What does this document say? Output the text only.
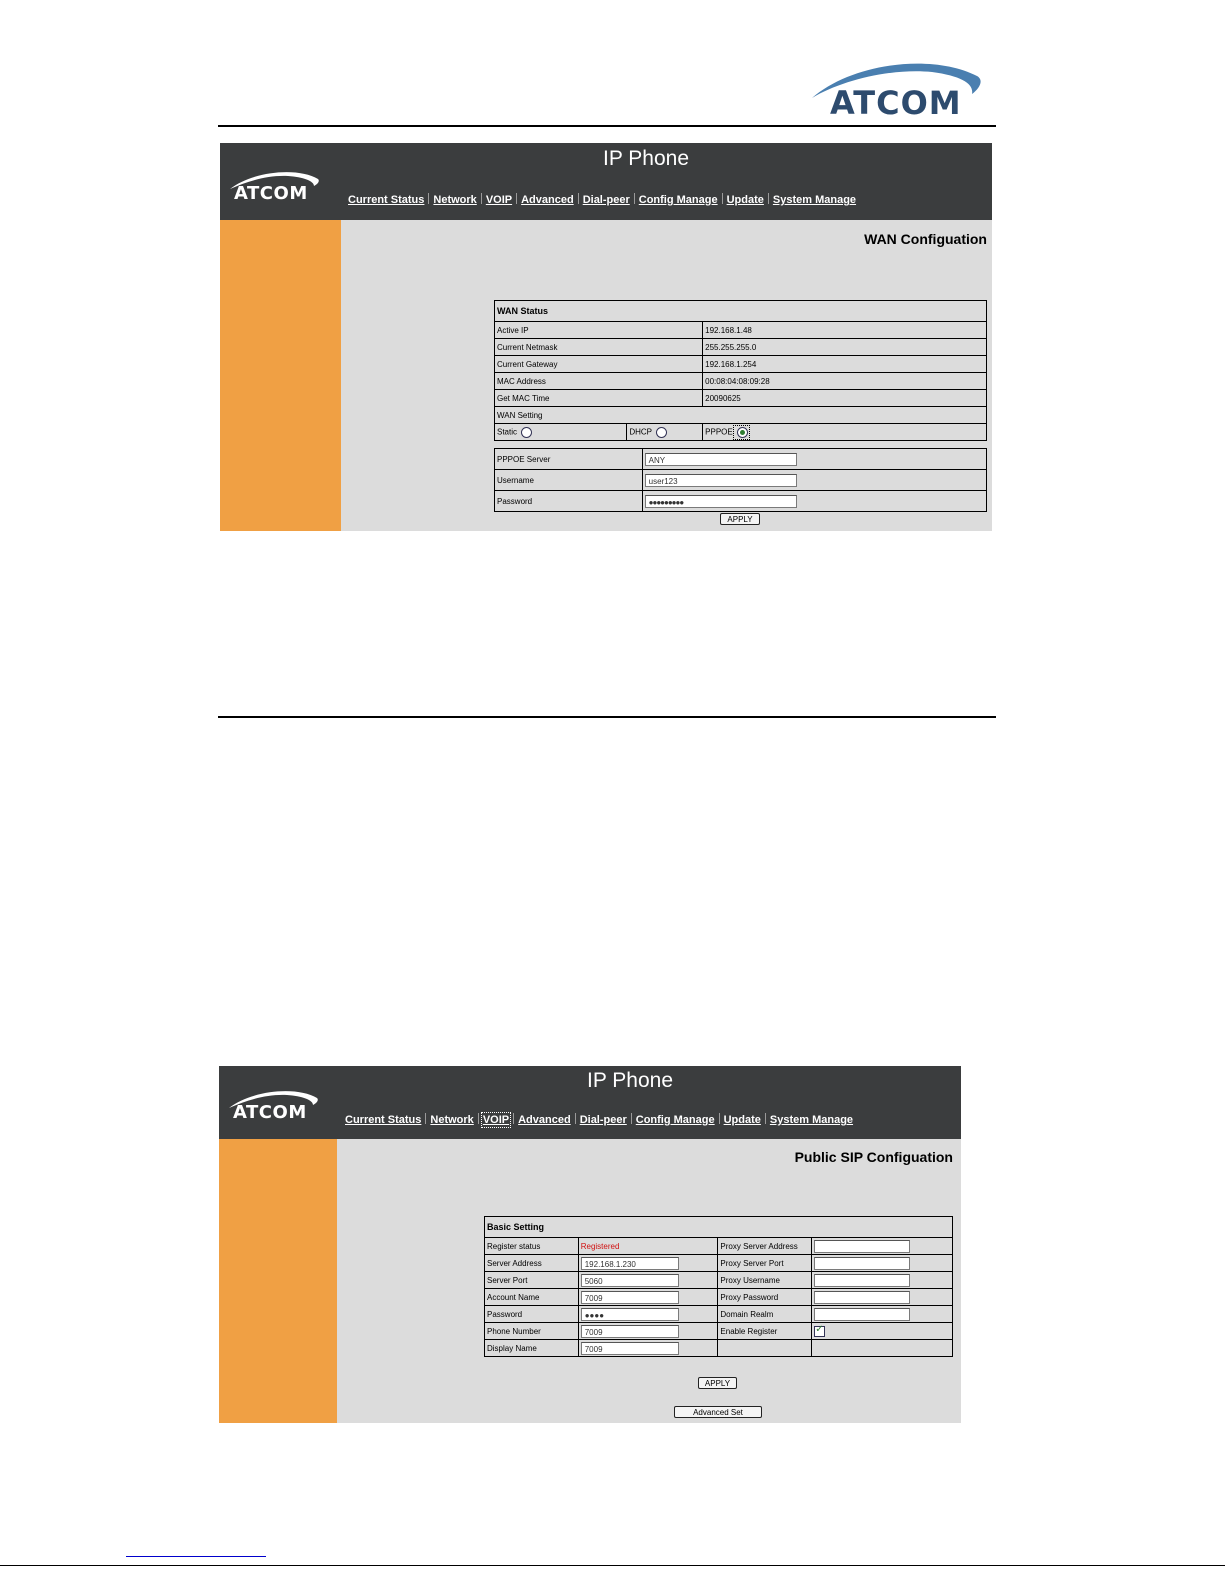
ATCOM
IP Phone
ATCOM	Current Status Network VOIP Advanced Dial-peer Config Manage Update System Manage
WAN Configuation
WAN Status		
Active IP		192.168.1.48
Current Netmask		255.255.255.0
Current Gateway		192.168.1.254
MAC Address		00:08:04:08:09:28
Get MAC Time		20090625
WAN Setting		
Static	DHCP	PPPOE
PPPOE Server	ANY
Username	user123
Password	●●●●●●●●●
APPLY
IP Phone
ATCOM	Current Status Network VOIP Advanced Dial-peer Config Manage Update System Manage
Public SIP Configuation
Basic Setting			
Register status	Registered	Proxy Server Address	
Server Address	192.168.1.230	Proxy Server Port	
Server Port	5060	Proxy Username	
Account Name	7009	Proxy Password	
Password	●●●●	Domain Realm	
Phone Number	7009	Enable Register	✓
Display Name	7009		
APPLY
Advanced Set
